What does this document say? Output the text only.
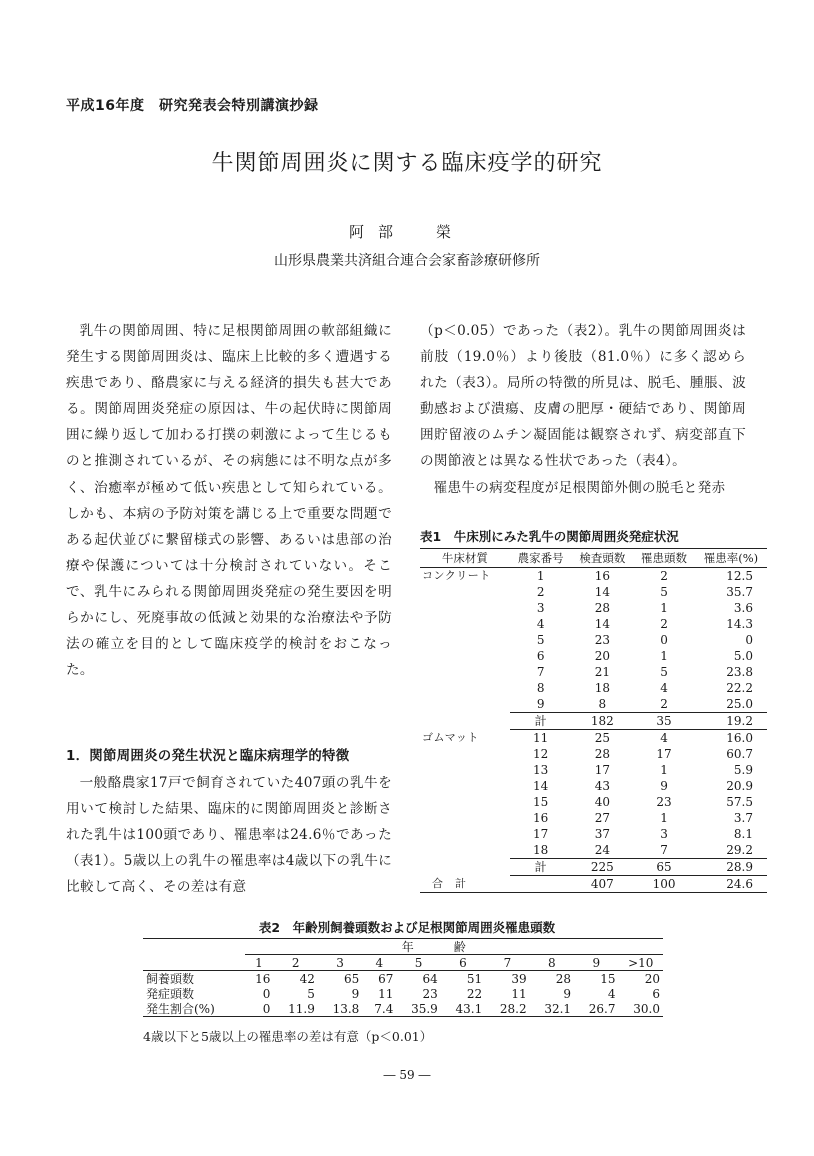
平成16年度　研究発表会特別講演抄録
牛関節周囲炎に関する臨床疫学的研究
阿部　榮
山形県農業共済組合連合会家畜診療研修所

乳牛の関節周囲、特に足根関節周囲の軟部組織に発生する関節周囲炎は、臨床上比較的多く遭遇する疾患であり、酪農家に与える経済的損失も甚大である。関節周囲炎発症の原因は、牛の起伏時に関節周囲に繰り返して加わる打撲の刺激によって生じるものと推測されているが、その病態には不明な点が多く、治癒率が極めて低い疾患として知られている。しかも、本病の予防対策を講じる上で重要な問題である起伏並びに繋留様式の影響、あるいは患部の治療や保護については十分検討されていない。そこで、乳牛にみられる関節周囲炎発症の発生要因を明らかにし、死廃事故の低減と効果的な治療法や予防法の確立を目的として臨床疫学的検討をおこなった。

1．関節周囲炎の発生状況と臨床病理学的特徴

一般酪農家17戸で飼育されていた407頭の乳牛を用いて検討した結果、臨床的に関節周囲炎と診断された乳牛は100頭であり、罹患率は24.6％であった（表1）。5歳以上の乳牛の罹患率は4歳以下の乳牛に比較して高く、その差は有意

（p＜0.05）であった（表2）。乳牛の関節周囲炎は前肢（19.0％）より後肢（81.0％）に多く認められた（表3）。局所の特徴的所見は、脱毛、腫脹、波動感および潰瘍、皮膚の肥厚・硬結であり、関節周囲貯留液のムチン凝固能は観察されず、病変部直下の関節液とは異なる性状であった（表4）。

罹患牛の病変程度が足根関節外側の脱毛と発赤

表1　牛床別にみた乳牛の関節周囲炎発症状況
牛床材質	農家番号	検査頭数	罹患頭数	罹患率(%)
コンクリート	1	16	2	12.5
	2	14	5	35.7
	3	28	1	3.6
	4	14	2	14.3
	5	23	0	0
	6	20	1	5.0
	7	21	5	23.8
	8	18	4	22.2
	9	8	2	25.0
	計	182	35	19.2
ゴムマット	11	25	4	16.0
	12	28	17	60.7
	13	17	1	5.9
	14	43	9	20.9
	15	40	23	57.5
	16	27	1	3.7
	17	37	3	8.1
	18	24	7	29.2
	計	225	65	28.9
合　計		407	100	24.6
表2　年齢別飼養頭数および足根関節周囲炎罹患頭数
	年齢									
	1	2	3	4	5	6	7	8	9	>10
飼養頭数	16	42	65	67	64	51	39	28	15	20
発症頭数	0	5	9	11	23	22	11	9	4	6
発生割合(%)	0	11.9	13.8	7.4	35.9	43.1	28.2	32.1	26.7	30.0
4歳以下と5歳以上の罹患率の差は有意（p＜0.01）
― 59 ―
